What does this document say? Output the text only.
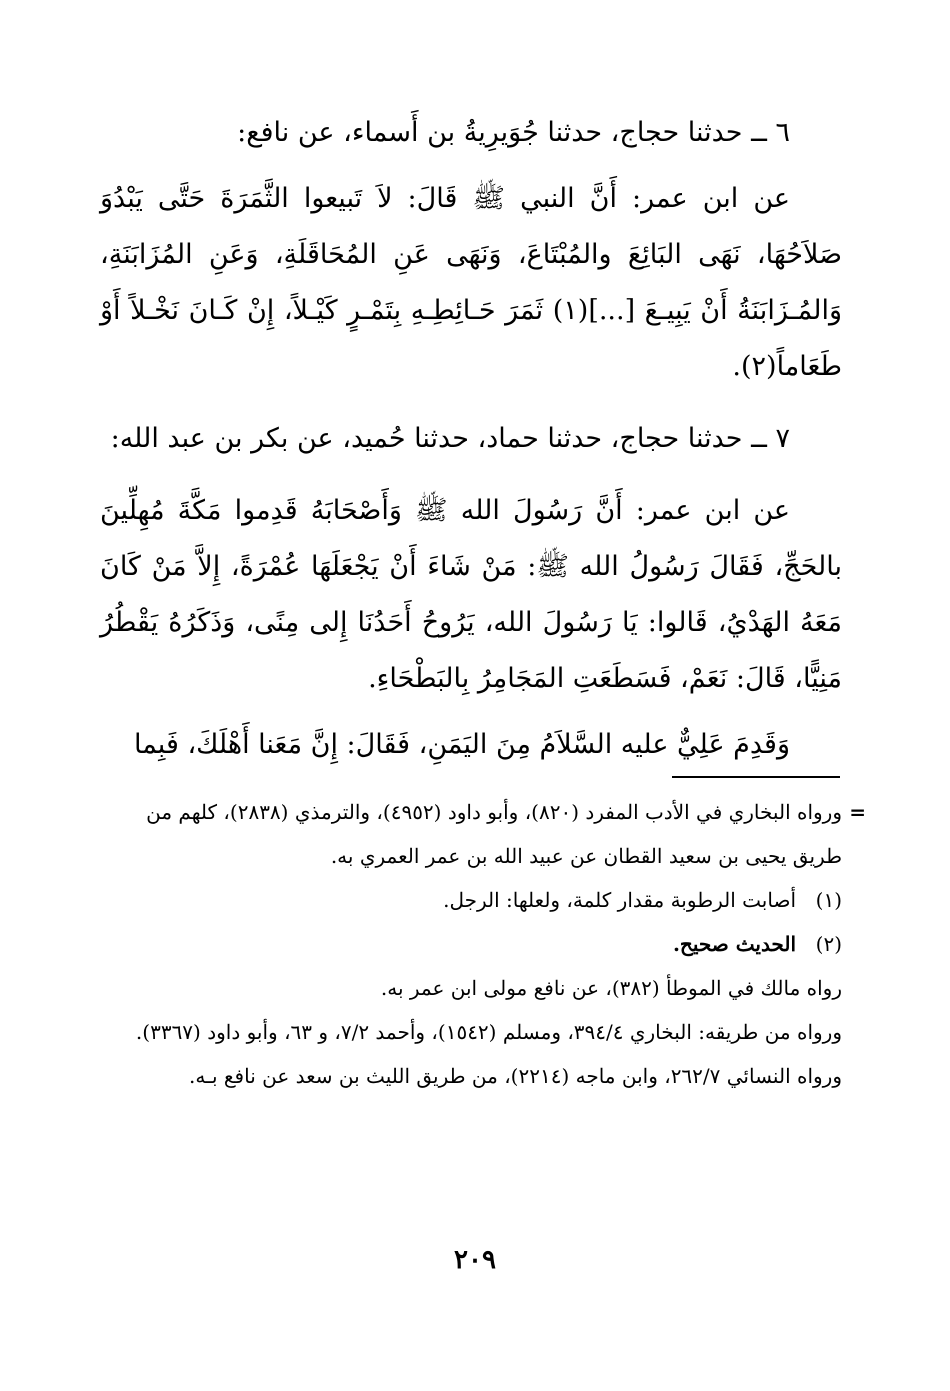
٦ ــ حدثنا حجاج، حدثنا جُوَيرِيةُ بن أَسماء، عن نافع:

عن ابن عمر: أَنَّ النبي ﷺ قَالَ: لاَ تَبيعوا الثَّمَرَةَ حَتَّى يَبْدُوَ صَلاَحُهَا، نَهَى البَائِعَ والمُبْتَاعَ، وَنَهَى عَنِ المُحَاقَلَةِ، وَعَنِ المُزَابَنَةِ، وَالمُـزَابَنَةُ أَنْ يَبِيـعَ [...](١) ثَمَرَ حَـائِطِـهِ بِتَمْـرٍ كَيْـلاً، إِنْ كَـانَ نَخْـلاً أَوْ طَعَاماً(٢).

٧ ــ حدثنا حجاج، حدثنا حماد، حدثنا حُميد، عن بكر بن عبد الله:

عن ابن عمر: أَنَّ رَسُولَ الله ﷺ وَأَصْحَابَهُ قَدِموا مَكَّةَ مُهِلِّينَ بالحَجِّ، فَقَالَ رَسُولُ الله ﷺ: مَنْ شَاءَ أَنْ يَجْعَلَهَا عُمْرَةً، إِلاَّ مَنْ كَانَ مَعَهُ الهَدْيُ، قَالوا: يَا رَسُولَ الله، يَرُوحُ أَحَدُنَا إِلى مِنًى، وَذَكَرُهُ يَقْطُرُ مَنِيًّا، قَالَ: نَعَمْ، فَسَطَعَتِ المَجَامِرُ بِالبَطْحَاءِ.

وَقَدِمَ عَلِيٌّ عليه السَّلاَمُ مِنَ اليَمَنِ، فَقَالَ: إِنَّ مَعَنا أَهْلَكَ، فَبِما

=

ورواه البخاري في الأدب المفرد (٨٢٠)، وأبو داود (٤٩٥٢)، والترمذي (٢٨٣٨)، كلهم من طريق يحيى بن سعيد القطان عن عبيد الله بن عمر العمري به.

(١)
أصابت الرطوبة مقدار كلمة، ولعلها: الرجل.
(٢)
الحديث صحيح.

رواه مالك في الموطأ (٣٨٢)، عن نافع مولى ابن عمر به.

ورواه من طريقه: البخاري ٣٩٤/٤، ومسلم (١٥٤٢)، وأحمد ٧/٢، و ٦٣، وأبو داود (٣٣٦٧).

ورواه النسائي ٢٦٢/٧، وابن ماجه (٢٢١٤)، من طريق الليث بن سعد عن نافع بـه.

٢٠٩
